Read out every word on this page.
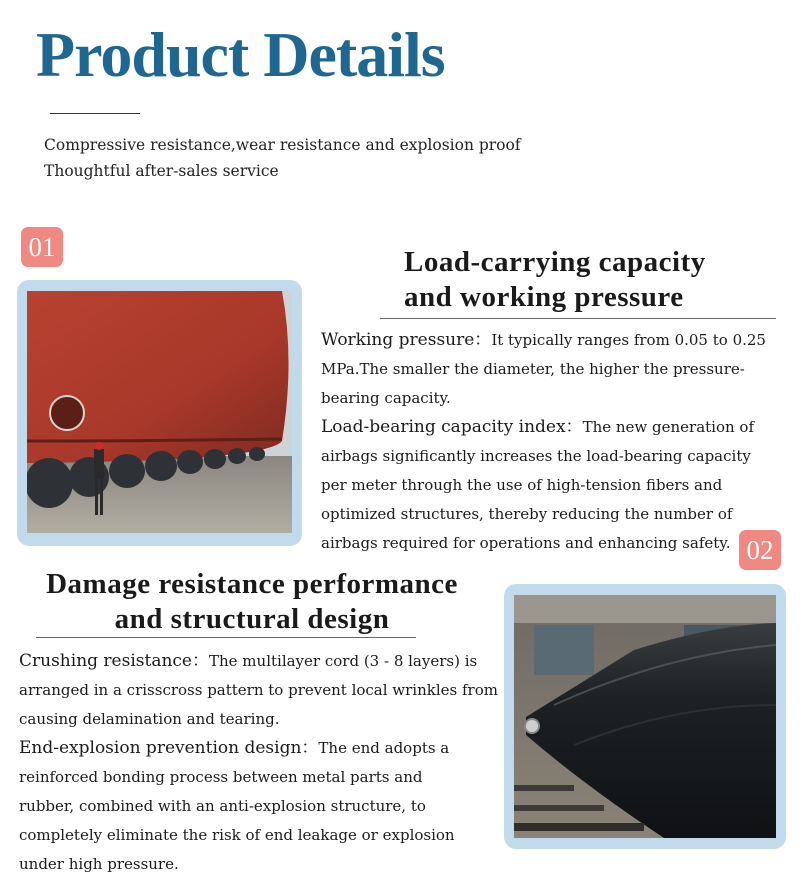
Product Details
Compressive resistance,wear resistance and explosion proof
Thoughtful after-sales service
01	Load-carrying capacity
and working pressure

Working pressure：It typically ranges from 0.05 to 0.25 MPa.The smaller the diameter, the higher the pressure-bearing capacity.

Load-bearing capacity index：The new generation of airbags significantly increases the load-bearing capacity per meter through the use of high-tension fibers and optimized structures, thereby reducing the number of airbags required for operations and enhancing safety. 02
Damage resistance performance
and structural design

Crushing resistance：The multilayer cord (3 - 8 layers) is arranged in a crisscross pattern to prevent local wrinkles from causing delamination and tearing.

End-explosion prevention design：The end adopts a reinforced bonding process between metal parts and rubber, combined with an anti-explosion structure, to completely eliminate the risk of end leakage or explosion under high pressure.
